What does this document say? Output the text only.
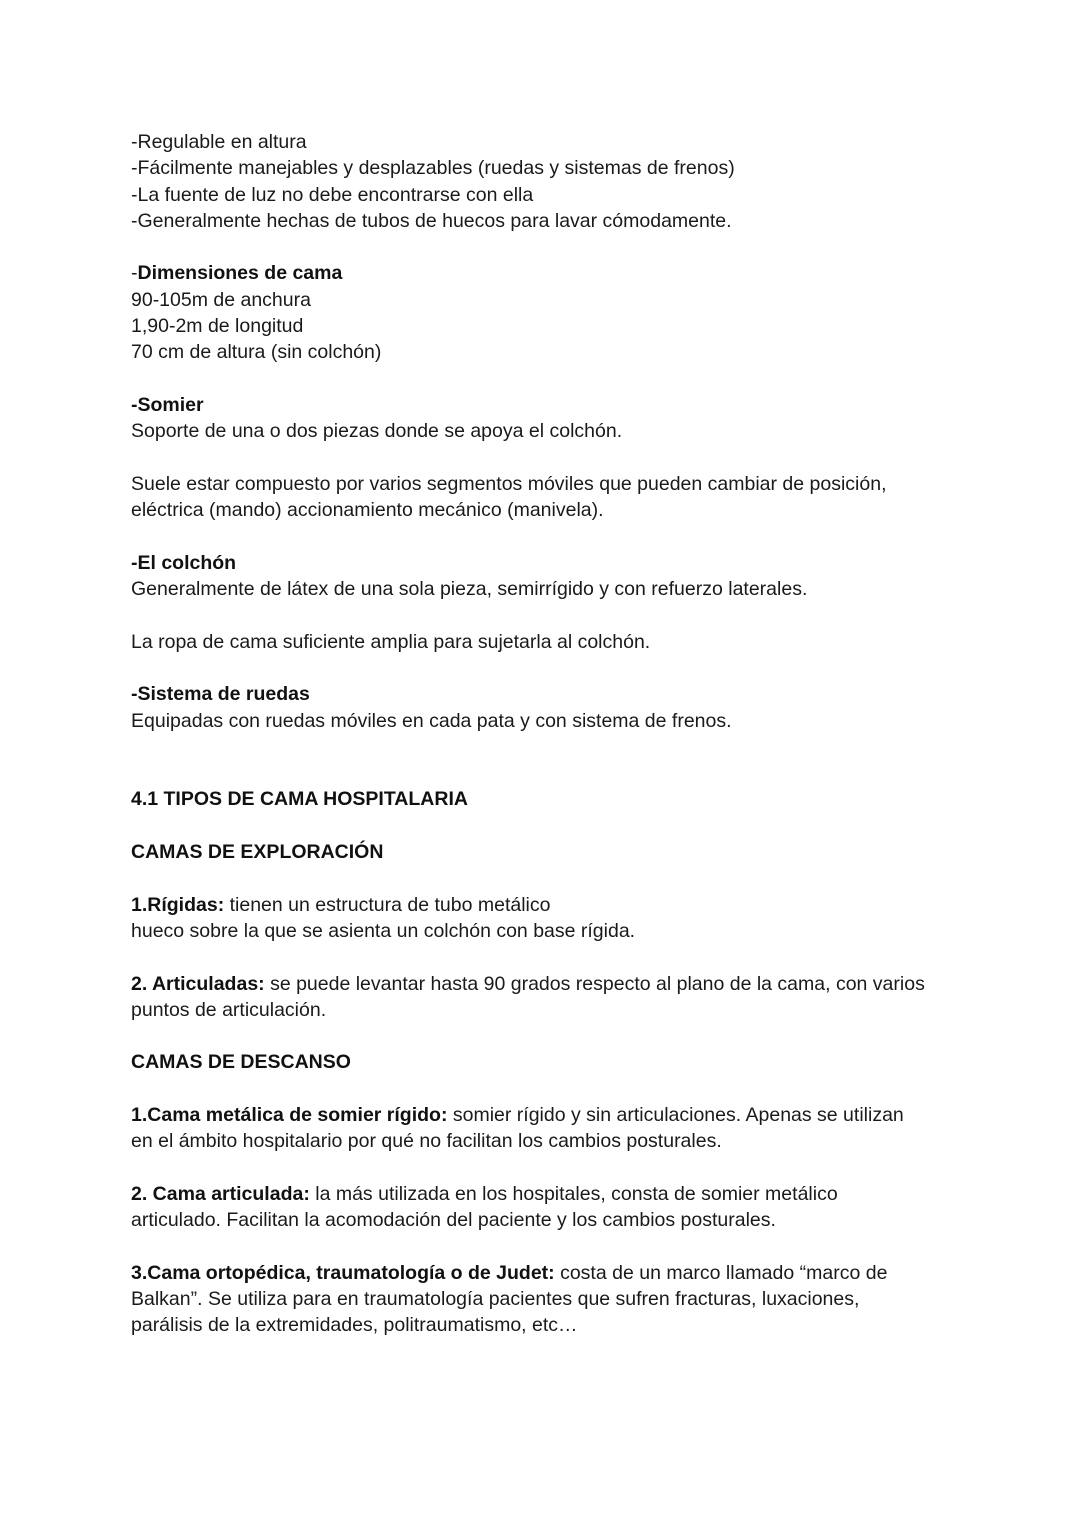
-Regulable en altura
-Fácilmente manejables y desplazables (ruedas y sistemas de frenos)
-La fuente de luz no debe encontrarse con ella
-Generalmente hechas de tubos de huecos para lavar cómodamente.
-Dimensiones de cama
90-105m de anchura
1,90-2m de longitud
70 cm de altura (sin colchón)
-Somier
Soporte de una o dos piezas donde se apoya el colchón.
Suele estar compuesto por varios segmentos móviles que pueden cambiar de posición,
eléctrica (mando) accionamiento mecánico (manivela).
-El colchón
Generalmente de látex de una sola pieza, semirrígido y con refuerzo laterales.
La ropa de cama suficiente amplia para sujetarla al colchón.
-Sistema de ruedas
Equipadas con ruedas móviles en cada pata y con sistema de frenos.
4.1 TIPOS DE CAMA HOSPITALARIA
CAMAS DE EXPLORACIÓN
1.Rígidas: tienen un estructura de tubo metálico
hueco sobre la que se asienta un colchón con base rígida.
2. Articuladas: se puede levantar hasta 90 grados respecto al plano de la cama, con varios
puntos de articulación.
CAMAS DE DESCANSO
1.Cama metálica de somier rígido: somier rígido y sin articulaciones. Apenas se utilizan
en el ámbito hospitalario por qué no facilitan los cambios posturales.
2. Cama articulada: la más utilizada en los hospitales, consta de somier metálico
articulado. Facilitan la acomodación del paciente y los cambios posturales.
3.Cama ortopédica, traumatología o de Judet: costa de un marco llamado “marco de
Balkan”. Se utiliza para en traumatología pacientes que sufren fracturas, luxaciones,
parálisis de la extremidades, politraumatismo, etc…
